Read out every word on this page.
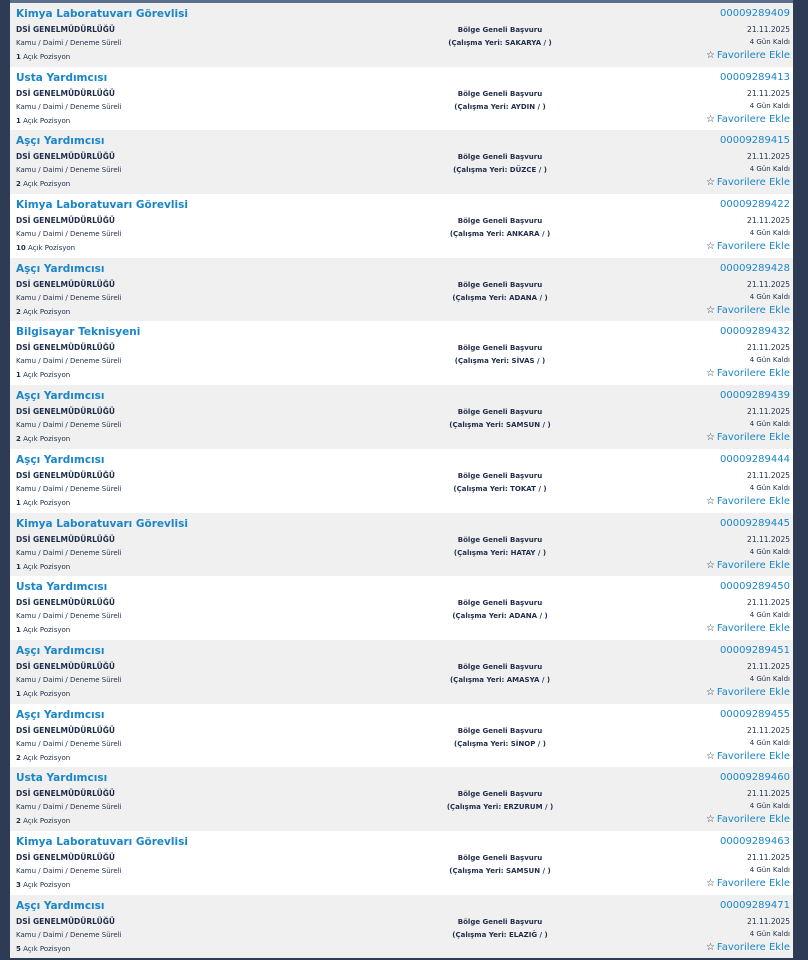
Kimya Laboratuvarı Görevlisi
DSİ GENELMÜDÜRLÜĞÜ
Kamu / Daimi / Deneme Süreli
1 Açık Pozisyon
Bölge Geneli Başvuru
(Çalışma Yeri: SAKARYA / )
00009289409
21.11.2025
4 Gün Kaldı
☆ Favorilere Ekle
Usta Yardımcısı
DSİ GENELMÜDÜRLÜĞÜ
Kamu / Daimi / Deneme Süreli
1 Açık Pozisyon
Bölge Geneli Başvuru
(Çalışma Yeri: AYDIN / )
00009289413
21.11.2025
4 Gün Kaldı
☆ Favorilere Ekle
Aşçı Yardımcısı
DSİ GENELMÜDÜRLÜĞÜ
Kamu / Daimi / Deneme Süreli
2 Açık Pozisyon
Bölge Geneli Başvuru
(Çalışma Yeri: DÜZCE / )
00009289415
21.11.2025
4 Gün Kaldı
☆ Favorilere Ekle
Kimya Laboratuvarı Görevlisi
DSİ GENELMÜDÜRLÜĞÜ
Kamu / Daimi / Deneme Süreli
10 Açık Pozisyon
Bölge Geneli Başvuru
(Çalışma Yeri: ANKARA / )
00009289422
21.11.2025
4 Gün Kaldı
☆ Favorilere Ekle
Aşçı Yardımcısı
DSİ GENELMÜDÜRLÜĞÜ
Kamu / Daimi / Deneme Süreli
2 Açık Pozisyon
Bölge Geneli Başvuru
(Çalışma Yeri: ADANA / )
00009289428
21.11.2025
4 Gün Kaldı
☆ Favorilere Ekle
Bilgisayar Teknisyeni
DSİ GENELMÜDÜRLÜĞÜ
Kamu / Daimi / Deneme Süreli
1 Açık Pozisyon
Bölge Geneli Başvuru
(Çalışma Yeri: SİVAS / )
00009289432
21.11.2025
4 Gün Kaldı
☆ Favorilere Ekle
Aşçı Yardımcısı
DSİ GENELMÜDÜRLÜĞÜ
Kamu / Daimi / Deneme Süreli
2 Açık Pozisyon
Bölge Geneli Başvuru
(Çalışma Yeri: SAMSUN / )
00009289439
21.11.2025
4 Gün Kaldı
☆ Favorilere Ekle
Aşçı Yardımcısı
DSİ GENELMÜDÜRLÜĞÜ
Kamu / Daimi / Deneme Süreli
1 Açık Pozisyon
Bölge Geneli Başvuru
(Çalışma Yeri: TOKAT / )
00009289444
21.11.2025
4 Gün Kaldı
☆ Favorilere Ekle
Kimya Laboratuvarı Görevlisi
DSİ GENELMÜDÜRLÜĞÜ
Kamu / Daimi / Deneme Süreli
1 Açık Pozisyon
Bölge Geneli Başvuru
(Çalışma Yeri: HATAY / )
00009289445
21.11.2025
4 Gün Kaldı
☆ Favorilere Ekle
Usta Yardımcısı
DSİ GENELMÜDÜRLÜĞÜ
Kamu / Daimi / Deneme Süreli
1 Açık Pozisyon
Bölge Geneli Başvuru
(Çalışma Yeri: ADANA / )
00009289450
21.11.2025
4 Gün Kaldı
☆ Favorilere Ekle
Aşçı Yardımcısı
DSİ GENELMÜDÜRLÜĞÜ
Kamu / Daimi / Deneme Süreli
1 Açık Pozisyon
Bölge Geneli Başvuru
(Çalışma Yeri: AMASYA / )
00009289451
21.11.2025
4 Gün Kaldı
☆ Favorilere Ekle
Aşçı Yardımcısı
DSİ GENELMÜDÜRLÜĞÜ
Kamu / Daimi / Deneme Süreli
2 Açık Pozisyon
Bölge Geneli Başvuru
(Çalışma Yeri: SİNOP / )
00009289455
21.11.2025
4 Gün Kaldı
☆ Favorilere Ekle
Usta Yardımcısı
DSİ GENELMÜDÜRLÜĞÜ
Kamu / Daimi / Deneme Süreli
2 Açık Pozisyon
Bölge Geneli Başvuru
(Çalışma Yeri: ERZURUM / )
00009289460
21.11.2025
4 Gün Kaldı
☆ Favorilere Ekle
Kimya Laboratuvarı Görevlisi
DSİ GENELMÜDÜRLÜĞÜ
Kamu / Daimi / Deneme Süreli
3 Açık Pozisyon
Bölge Geneli Başvuru
(Çalışma Yeri: SAMSUN / )
00009289463
21.11.2025
4 Gün Kaldı
☆ Favorilere Ekle
Aşçı Yardımcısı
DSİ GENELMÜDÜRLÜĞÜ
Kamu / Daimi / Deneme Süreli
5 Açık Pozisyon
Bölge Geneli Başvuru
(Çalışma Yeri: ELAZIĞ / )
00009289471
21.11.2025
4 Gün Kaldı
☆ Favorilere Ekle
